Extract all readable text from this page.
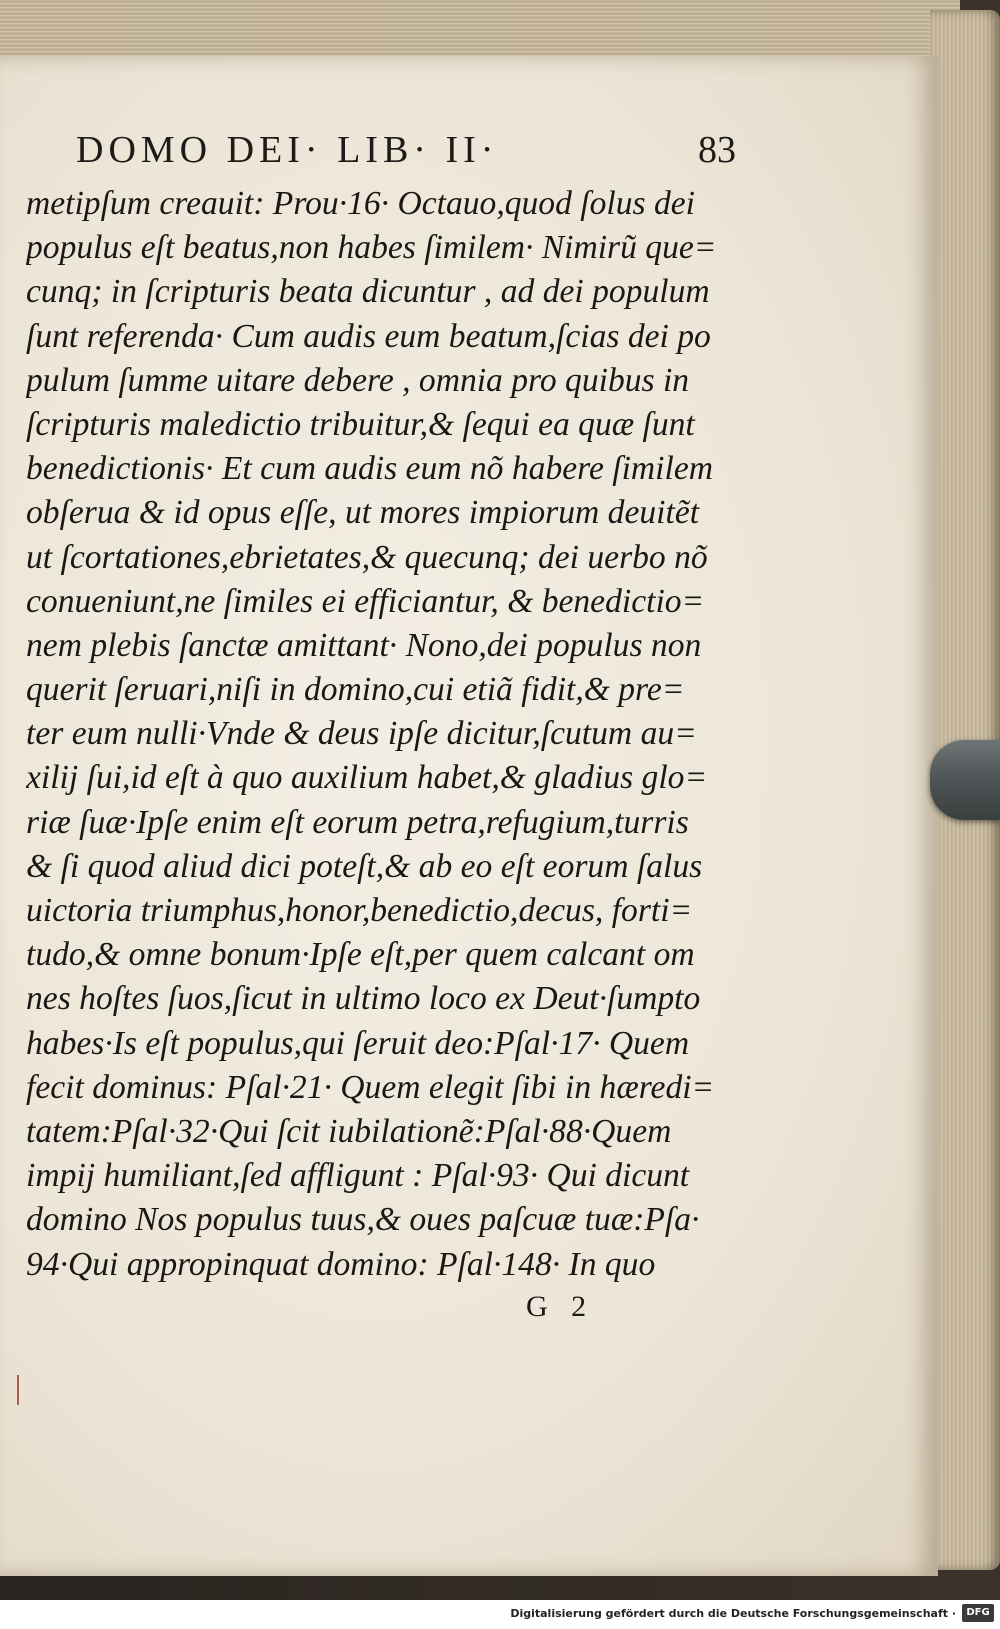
DOMO DEI· LIB· II·	83
metipſum creauit: Prou·16· Octauo,quod ſolus dei
populus eſt beatus,non habes ſimilem· Nimirũ que=
cunq; in ſcripturis beata dicuntur , ad dei populum
ſunt referenda· Cum audis eum beatum,ſcias dei po
pulum ſumme uitare debere , omnia pro quibus in
ſcripturis maledictio tribuitur,& ſequi ea quæ ſunt
benedictionis· Et cum audis eum nõ habere ſimilem
obſerua & id opus eſſe, ut mores impiorum deuitẽt
ut ſcortationes,ebrietates,& quecunq; dei uerbo nõ
conueniunt,ne ſimiles ei efficiantur, & benedictio=
nem plebis ſanctæ amittant· Nono,dei populus non
querit ſeruari,niſi in domino,cui etiã fidit,& pre=
ter eum nulli·Vnde & deus ipſe dicitur,ſcutum au=
xilij ſui,id eſt à quo auxilium habet,& gladius glo=
riæ ſuæ·Ipſe enim eſt eorum petra,refugium,turris
& ſi quod aliud dici poteſt,& ab eo eſt eorum ſalus
uictoria triumphus,honor,benedictio,decus, forti=
tudo,& omne bonum·Ipſe eſt,per quem calcant om
nes hoſtes ſuos,ſicut in ultimo loco ex Deut·ſumpto
habes·Is eſt populus,qui ſeruit deo:Pſal·17· Quem
fecit dominus: Pſal·21· Quem elegit ſibi in hæredi=
tatem:Pſal·32·Qui ſcit iubilationẽ:Pſal·88·Quem
impij humiliant,ſed affligunt : Pſal·93· Qui dicunt
domino Nos populus tuus,& oues paſcuæ tuæ:Pſa·
94·Qui appropinquat domino: Pſal·148· In quo
G 2
Digitalisierung gefördert durch die Deutsche Forschungsgemeinschaft ·	DFG
